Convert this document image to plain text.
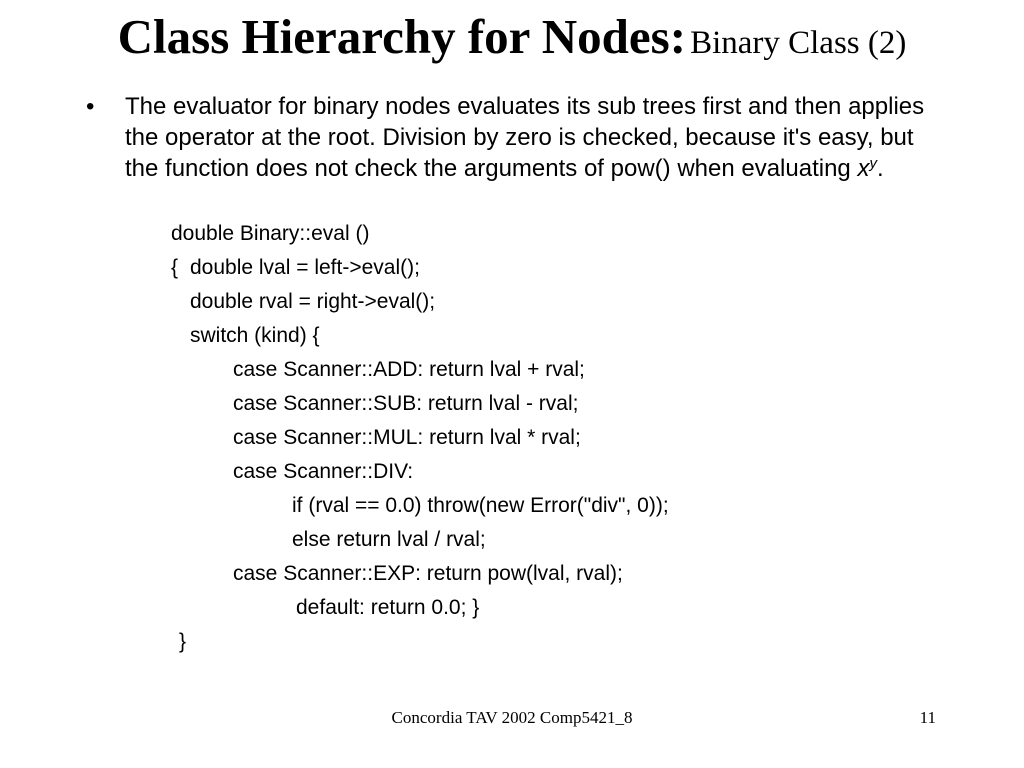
Class Hierarchy for Nodes: Binary Class (2)
• The evaluator for binary nodes evaluates its sub trees first and then applies the operator at the root. Division by zero is checked, because it's easy, but the function does not check the arguments of pow() when evaluating $x^y$.
double Binary::eval ()
{ double lval = left->eval();
double rval = right->eval();
switch (kind) {
case Scanner::ADD: return lval + rval;
case Scanner::SUB: return lval - rval;
case Scanner::MUL: return lval * rval;
case Scanner::DIV:
if (rval == 0.0) throw(new Error("div", 0));
else return lval / rval;
case Scanner::EXP: return pow(lval, rval);
default: return 0.0; }
}
Concordia TAV 2002 Comp5421_8	11
